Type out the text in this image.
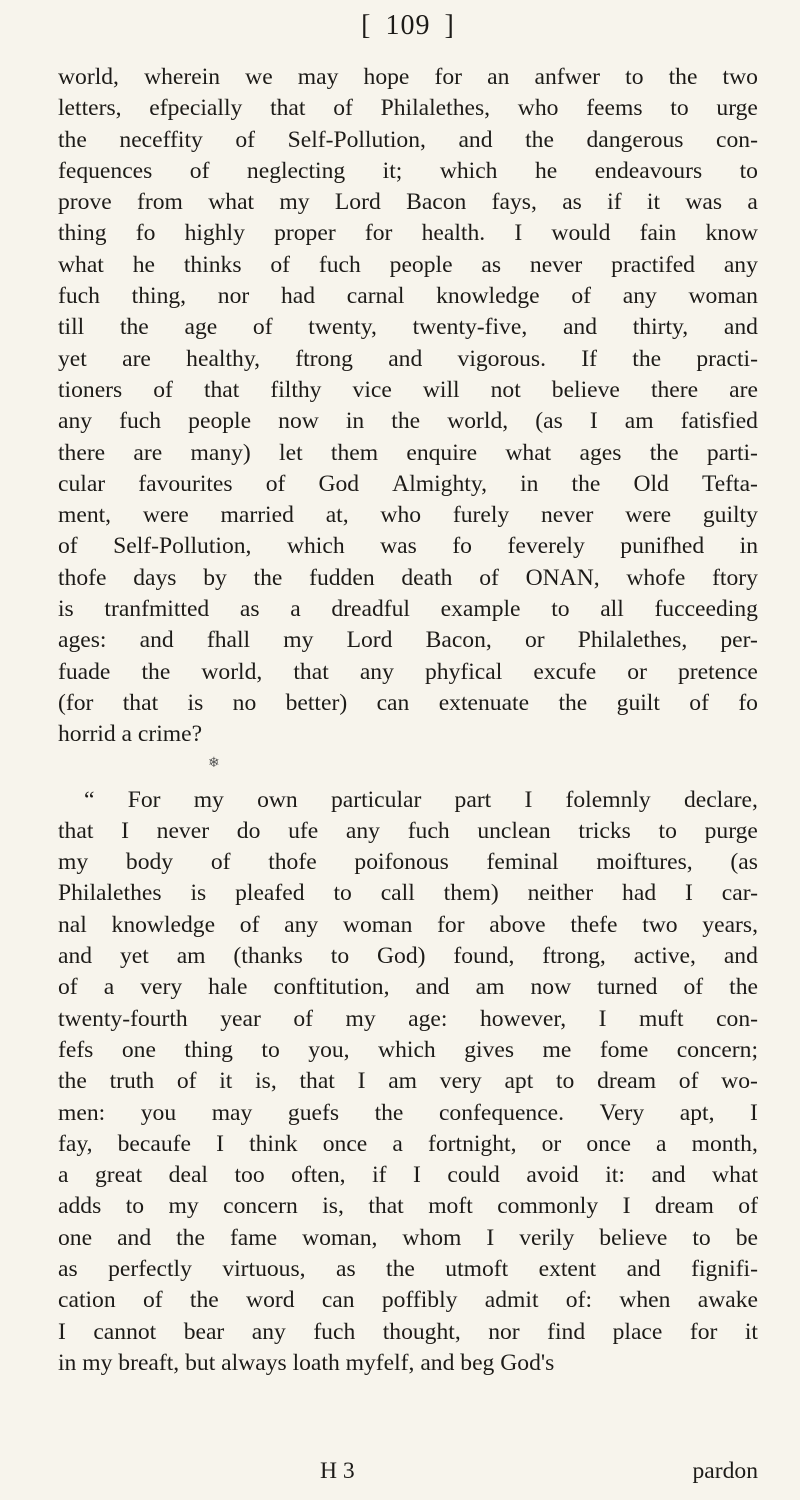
[ 109 ]
world, wherein we may hope for an anfwer to the two
letters, efpecially that of Philalethes, who feems to urge
the neceffity of Self-Pollution, and the dangerous con-
fequences of neglecting it; which he endeavours to
prove from what my Lord Bacon fays, as if it was a
thing fo highly proper for health. I would fain know
what he thinks of fuch people as never practifed any
fuch thing, nor had carnal knowledge of any woman
till the age of twenty, twenty-five, and thirty, and
yet are healthy, ftrong and vigorous. If the practi-
tioners of that filthy vice will not believe there are
any fuch people now in the world, (as I am fatisfied
there are many) let them enquire what ages the parti-
cular favourites of God Almighty, in the Old Tefta-
ment, were married at, who furely never were guilty
of Self-Pollution, which was fo feverely punifhed in
thofe days by the fudden death of ONAN, whofe ftory
is tranfmitted as a dreadful example to all fucceeding
ages: and fhall my Lord Bacon, or Philalethes, per-
fuade the world, that any phyfical excufe or pretence
(for that is no better) can extenuate the guilt of fo
horrid a crime?
❄
“ For my own particular part I folemnly declare,
that I never do ufe any fuch unclean tricks to purge
my body of thofe poifonous feminal moiftures, (as
Philalethes is pleafed to call them) neither had I car-
nal knowledge of any woman for above thefe two years,
and yet am (thanks to God) found, ftrong, active, and
of a very hale conftitution, and am now turned of the
twenty-fourth year of my age: however, I muft con-
fefs one thing to you, which gives me fome concern;
the truth of it is, that I am very apt to dream of wo-
men: you may guefs the confequence. Very apt, I
fay, becaufe I think once a fortnight, or once a month,
a great deal too often, if I could avoid it: and what
adds to my concern is, that moft commonly I dream of
one and the fame woman, whom I verily believe to be
as perfectly virtuous, as the utmoft extent and fignifi-
cation of the word can poffibly admit of: when awake
I cannot bear any fuch thought, nor find place for it
in my breaft, but always loath myfelf, and beg God's
H 3	pardon
